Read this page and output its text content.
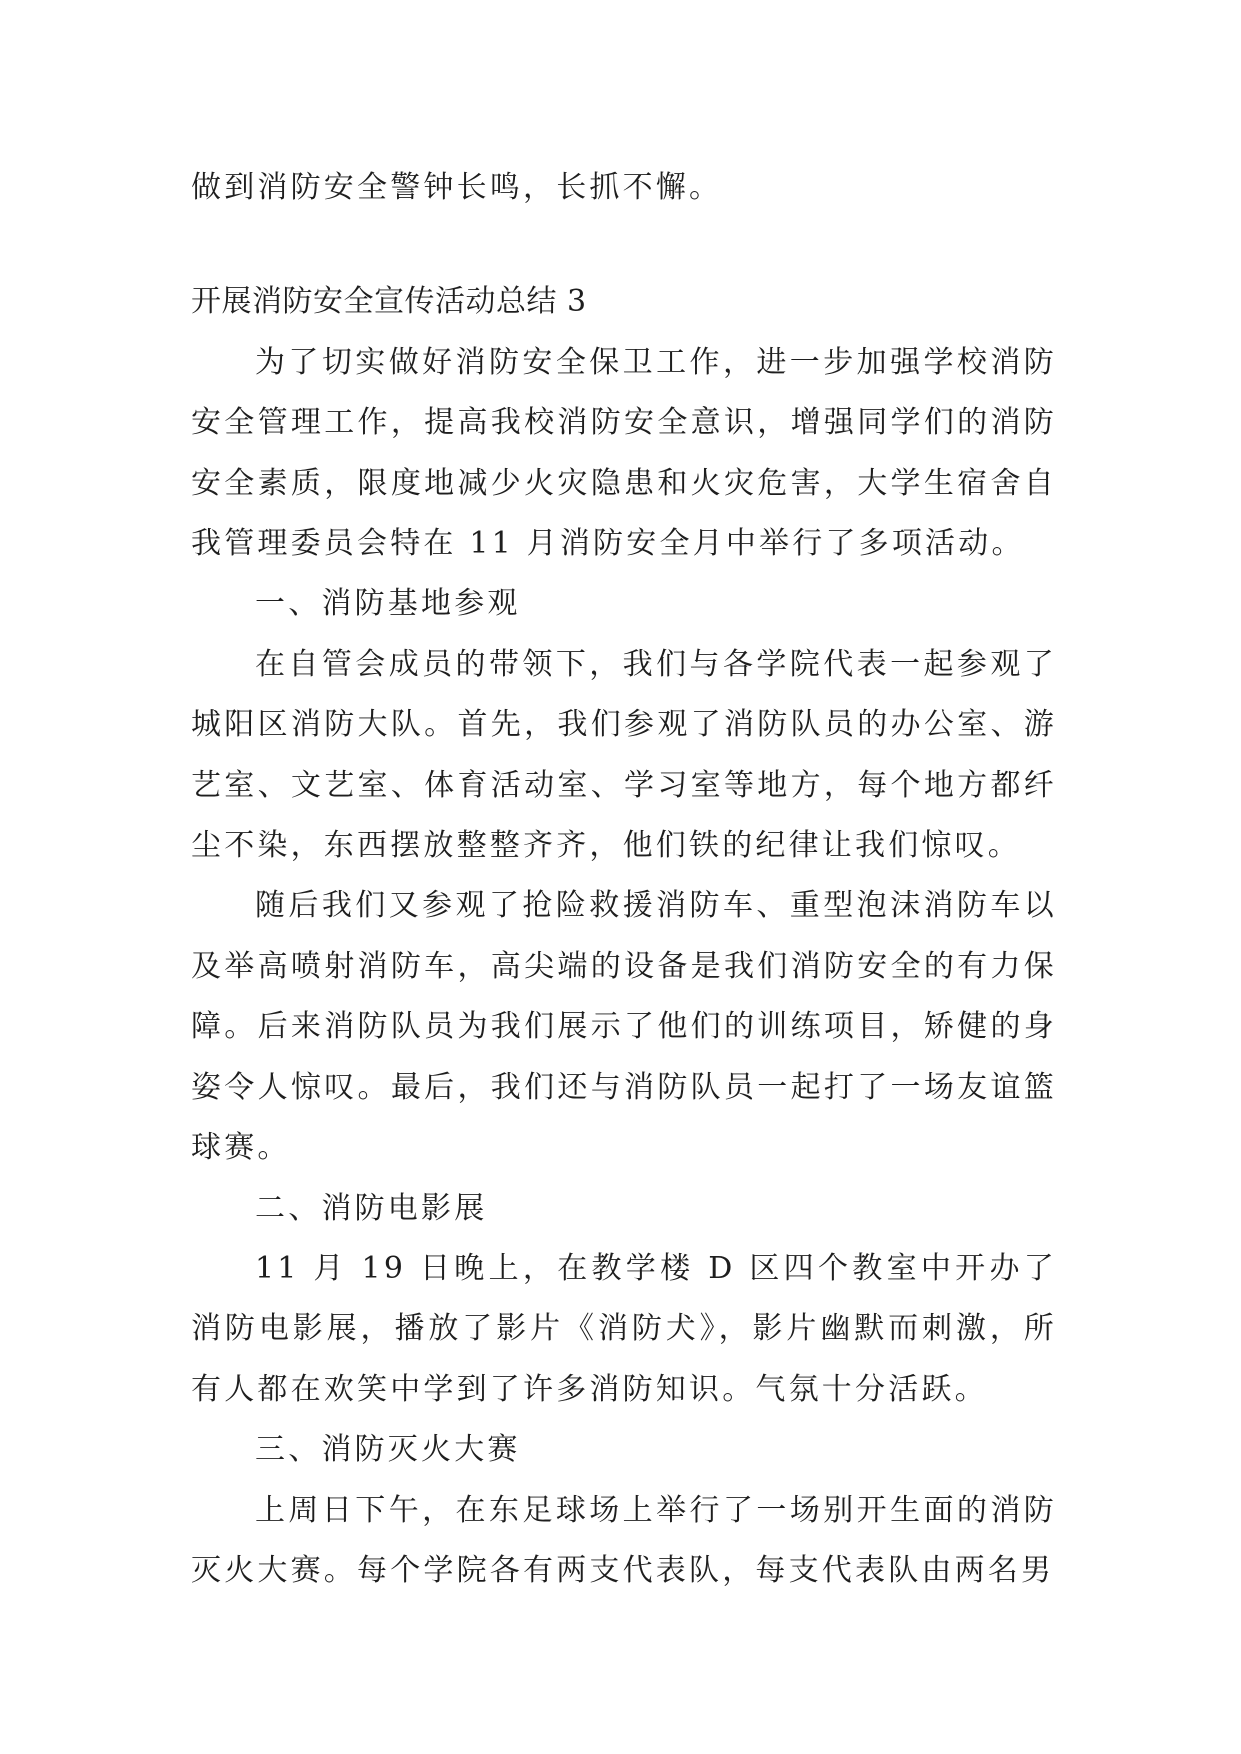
做到消防安全警钟长鸣，长抓不懈。

开展消防安全宣传活动总结 3

为了切实做好消防安全保卫工作，进一步加强学校消防安全管理工作，提高我校消防安全意识，增强同学们的消防安全素质，限度地减少火灾隐患和火灾危害，大学生宿舍自我管理委员会特在 11 月消防安全月中举行了多项活动。

一、消防基地参观

在自管会成员的带领下，我们与各学院代表一起参观了城阳区消防大队。首先，我们参观了消防队员的办公室、游艺室、文艺室、体育活动室、学习室等地方，每个地方都纤尘不染，东西摆放整整齐齐，他们铁的纪律让我们惊叹。

随后我们又参观了抢险救援消防车、重型泡沫消防车以及举高喷射消防车，高尖端的设备是我们消防安全的有力保障。后来消防队员为我们展示了他们的训练项目，矫健的身姿令人惊叹。最后，我们还与消防队员一起打了一场友谊篮球赛。

二、消防电影展

11 月 19 日晚上，在教学楼 D 区四个教室中开办了消防电影展，播放了影片《消防犬》，影片幽默而刺激，所有人都在欢笑中学到了许多消防知识。气氛十分活跃。

三、消防灭火大赛

上周日下午，在东足球场上举行了一场别开生面的消防灭火大赛。每个学院各有两支代表队，每支代表队由两名男
